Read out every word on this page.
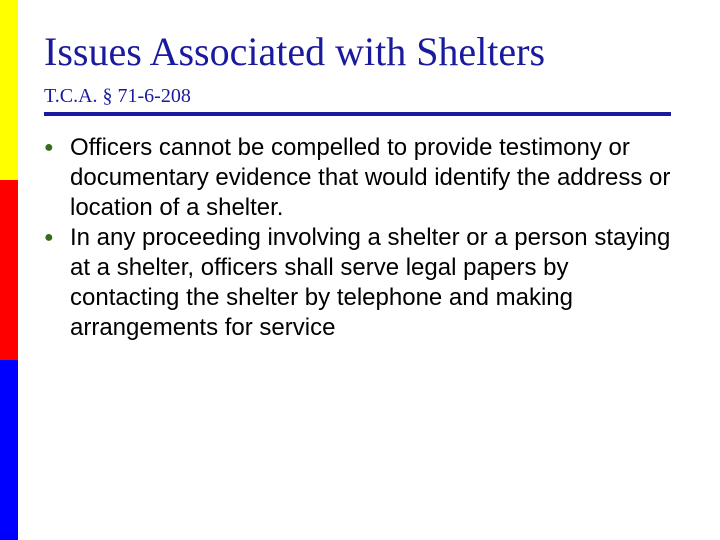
Issues Associated with Shelters
T.C.A. § 71-6-208
● Officers cannot be compelled to provide testimony or documentary evidence that would identify the address or location of a shelter.
● In any proceeding involving a shelter or a person staying at a shelter, officers shall serve legal papers by contacting the shelter by telephone and making arrangements for service
